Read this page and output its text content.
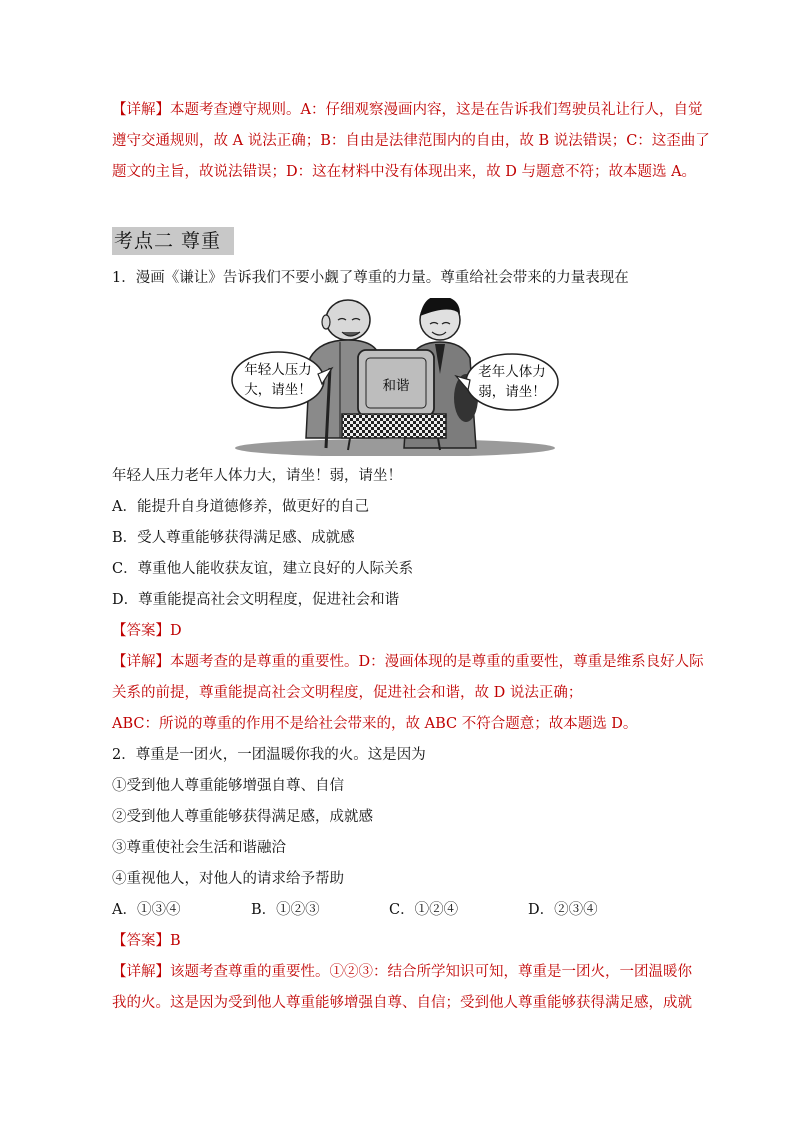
【详解】本题考查遵守规则。A：仔细观察漫画内容，这是在告诉我们驾驶员礼让行人，自觉
遵守交通规则，故 A 说法正确；B：自由是法律范围内的自由，故 B 说法错误；C：这歪曲了
题文的主旨，故说法错误；D：这在材料中没有体现出来，故 D 与题意不符；故本题选 A。
考点二 尊重
1．漫画《谦让》告诉我们不要小觑了尊重的力量。尊重给社会带来的力量表现在
年轻人压力
大，请坐！
老年人体力
弱，请坐！
和谐
年轻人压力老年人体力大，请坐！弱，请坐！
A．能提升自身道德修养，做更好的自己
B．受人尊重能够获得满足感、成就感
C．尊重他人能收获友谊，建立良好的人际关系
D．尊重能提高社会文明程度，促进社会和谐
【答案】D
【详解】本题考查的是尊重的重要性。D：漫画体现的是尊重的重要性，尊重是维系良好人际
关系的前提，尊重能提高社会文明程度，促进社会和谐，故 D 说法正确；
ABC：所说的尊重的作用不是给社会带来的，故 ABC 不符合题意；故本题选 D。
2．尊重是一团火，一团温暖你我的火。这是因为
①受到他人尊重能够增强自尊、自信
②受到他人尊重能够获得满足感，成就感
③尊重使社会生活和谐融洽
④重视他人，对他人的请求给予帮助
A．①③④	B．①②③	C．①②④	D．②③④
【答案】B
【详解】该题考查尊重的重要性。①②③：结合所学知识可知，尊重是一团火，一团温暖你
我的火。这是因为受到他人尊重能够增强自尊、自信；受到他人尊重能够获得满足感，成就
